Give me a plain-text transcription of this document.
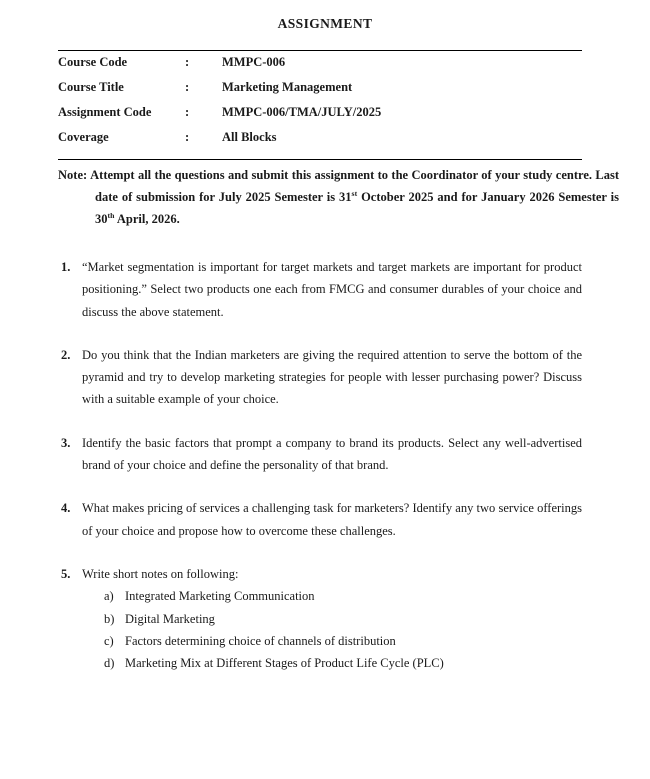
ASSIGNMENT
Course Code	:	MMPC-006
Course Title	:	Marketing Management
Assignment Code	:	MMPC-006/TMA/JULY/2025
Coverage	:	All Blocks
Note: Attempt all the questions and submit this assignment to the Coordinator of your study centre. Last date of submission for July 2025 Semester is 31st October 2025 and for January 2026 Semester is 30th April, 2026.
1. “Market segmentation is important for target markets and target markets are important for product positioning.” Select two products one each from FMCG and consumer durables of your choice and discuss the above statement.
2. Do you think that the Indian marketers are giving the required attention to serve the bottom of the pyramid and try to develop marketing strategies for people with lesser purchasing power? Discuss with a suitable example of your choice.
3. Identify the basic factors that prompt a company to brand its products. Select any well-advertised brand of your choice and define the personality of that brand.
4. What makes pricing of services a challenging task for marketers? Identify any two service offerings of your choice and propose how to overcome these challenges.
5. Write short notes on following:
a) Integrated Marketing Communication
b) Digital Marketing
c) Factors determining choice of channels of distribution
d) Marketing Mix at Different Stages of Product Life Cycle (PLC)
